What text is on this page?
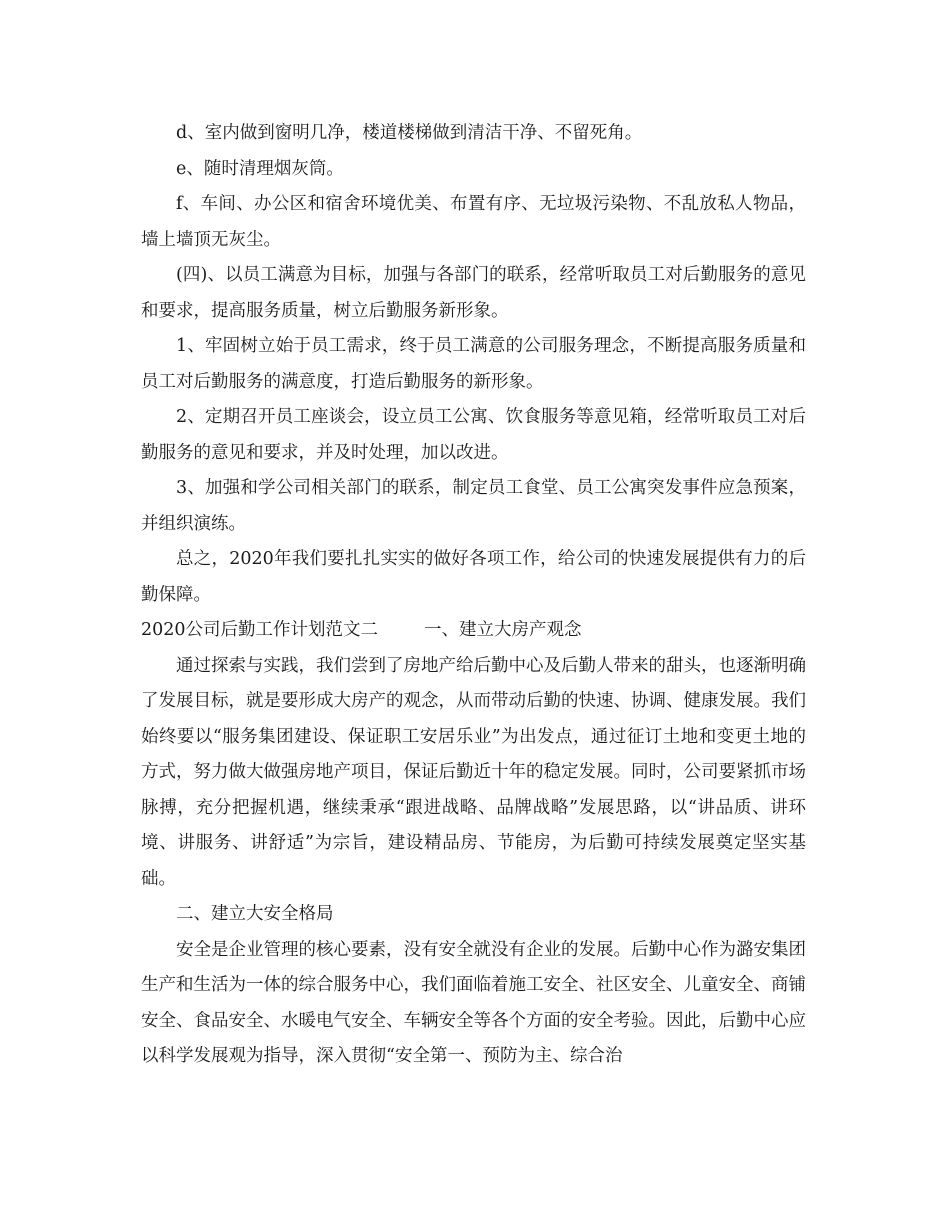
d、室内做到窗明几净，楼道楼梯做到清洁干净、不留死角。

e、随时清理烟灰筒。

f、车间、办公区和宿舍环境优美、布置有序、无垃圾污染物、不乱放私人物品，墙上墙顶无灰尘。

(四)、以员工满意为目标，加强与各部门的联系，经常听取员工对后勤服务的意见和要求，提高服务质量，树立后勤服务新形象。

1、牢固树立始于员工需求，终于员工满意的公司服务理念，不断提高服务质量和员工对后勤服务的满意度，打造后勤服务的新形象。

2、定期召开员工座谈会，设立员工公寓、饮食服务等意见箱，经常听取员工对后勤服务的意见和要求，并及时处理，加以改进。

3、加强和学公司相关部门的联系，制定员工食堂、员工公寓突发事件应急预案，并组织演练。

总之，2020年我们要扎扎实实的做好各项工作，给公司的快速发展提供有力的后勤保障。

2020公司后勤工作计划范文二	一、建立大房产观念

通过探索与实践，我们尝到了房地产给后勤中心及后勤人带来的甜头，也逐渐明确了发展目标，就是要形成大房产的观念，从而带动后勤的快速、协调、健康发展。我们始终要以“服务集团建设、保证职工安居乐业”为出发点，通过征订土地和变更土地的方式，努力做大做强房地产项目，保证后勤近十年的稳定发展。同时，公司要紧抓市场脉搏，充分把握机遇，继续秉承“跟进战略、品牌战略”发展思路，以“讲品质、讲环境、讲服务、讲舒适”为宗旨，建设精品房、节能房，为后勤可持续发展奠定坚实基础。

二、建立大安全格局

安全是企业管理的核心要素，没有安全就没有企业的发展。后勤中心作为潞安集团生产和生活为一体的综合服务中心，我们面临着施工安全、社区安全、儿童安全、商铺安全、食品安全、水暖电气安全、车辆安全等各个方面的安全考验。因此，后勤中心应以科学发展观为指导，深入贯彻“安全第一、预防为主、综合治
